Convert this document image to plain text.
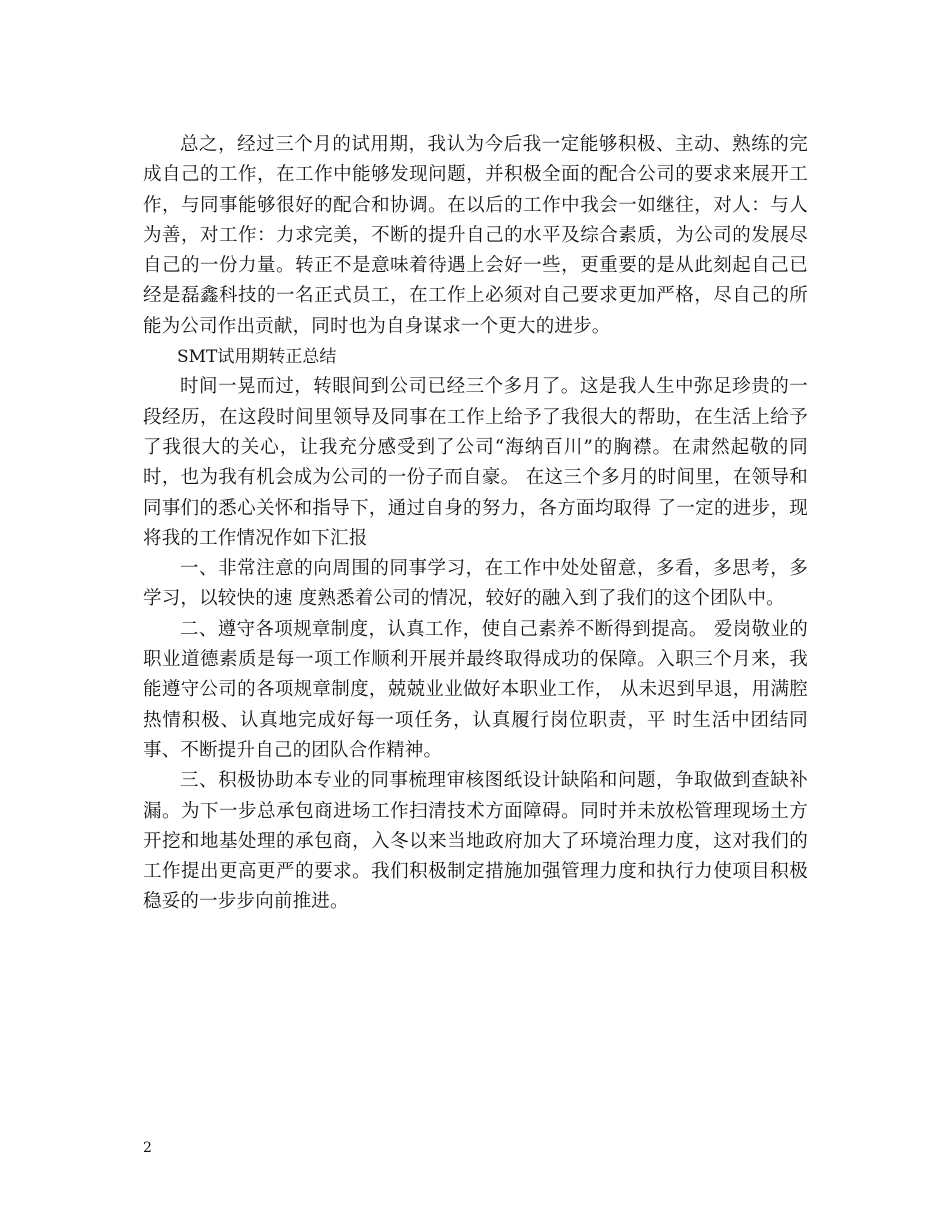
总之，经过三个月的试用期，我认为今后我一定能够积极、主动、熟练的完成自己的工作，在工作中能够发现问题，并积极全面的配合公司的要求来展开工作，与同事能够很好的配合和协调。在以后的工作中我会一如继往，对人：与人为善，对工作：力求完美，不断的提升自己的水平及综合素质，为公司的发展尽自己的一份力量。转正不是意味着待遇上会好一些，更重要的是从此刻起自己已经是磊鑫科技的一名正式员工，在工作上必须对自己要求更加严格，尽自己的所能为公司作出贡献，同时也为自身谋求一个更大的进步。

SMT试用期转正总结

时间一晃而过，转眼间到公司已经三个多月了。这是我人生中弥足珍贵的一段经历，在这段时间里领导及同事在工作上给予了我很大的帮助，在生活上给予了我很大的关心，让我充分感受到了公司“海纳百川”的胸襟。在肃然起敬的同时，也为我有机会成为公司的一份子而自豪。 在这三个多月的时间里，在领导和同事们的悉心关怀和指导下，通过自身的努力，各方面均取得 了一定的进步，现将我的工作情况作如下汇报

一、非常注意的向周围的同事学习，在工作中处处留意，多看，多思考，多学习，以较快的速 度熟悉着公司的情况，较好的融入到了我们的这个团队中。

二、遵守各项规章制度，认真工作，使自己素养不断得到提高。 爱岗敬业的职业道德素质是每一项工作顺利开展并最终取得成功的保障。入职三个月来，我能遵守公司的各项规章制度，兢兢业业做好本职业工作， 从未迟到早退，用满腔热情积极、认真地完成好每一项任务，认真履行岗位职责，平 时生活中团结同事、不断提升自己的团队合作精神。

三、积极协助本专业的同事梳理审核图纸设计缺陷和问题，争取做到查缺补漏。为下一步总承包商进场工作扫清技术方面障碍。同时并未放松管理现场土方开挖和地基处理的承包商，入冬以来当地政府加大了环境治理力度，这对我们的工作提出更高更严的要求。我们积极制定措施加强管理力度和执行力使项目积极稳妥的一步步向前推进。

2
